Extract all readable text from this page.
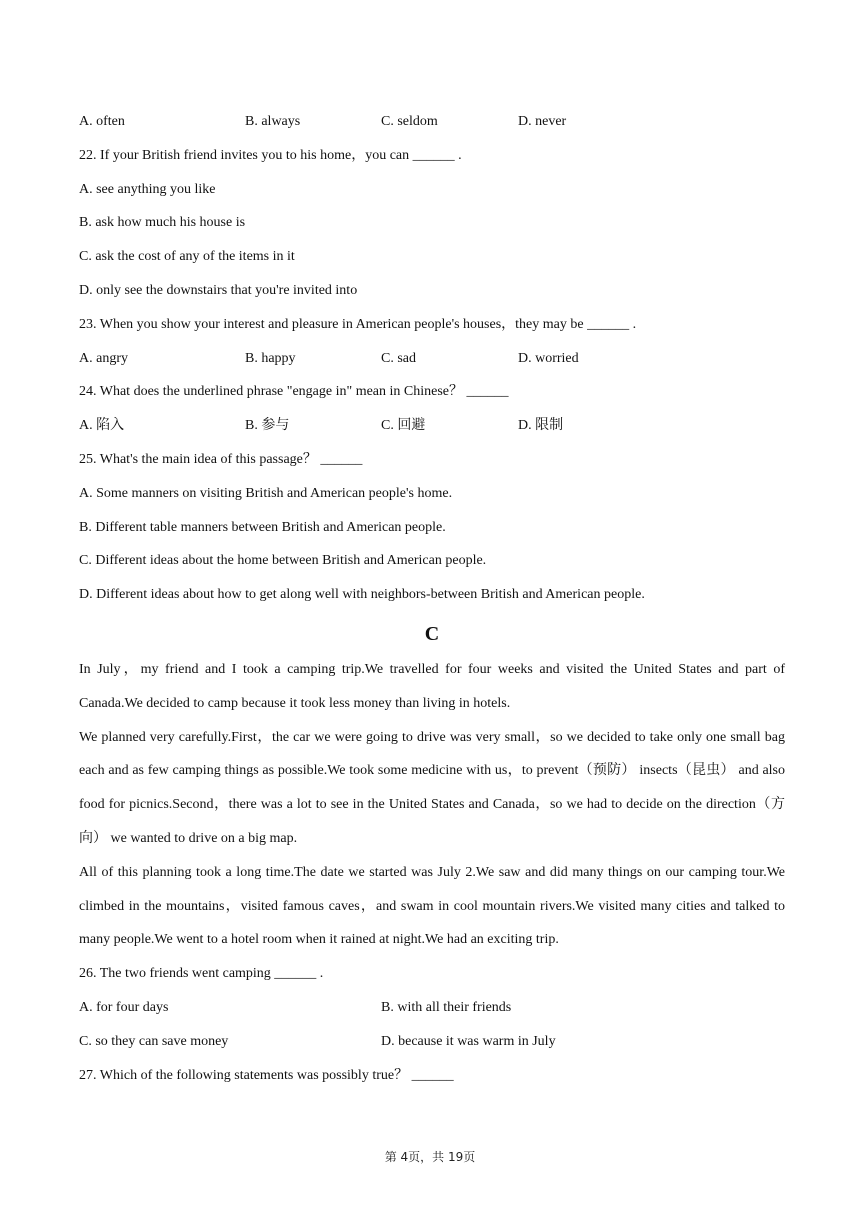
A. often	B. always	C. seldom	D. never
22. If your British friend invites you to his home，you can ______ .
A. see anything you like
B. ask how much his house is
C. ask the cost of any of the items in it
D. only see the downstairs that you're invited into
23. When you show your interest and pleasure in American people's houses，they may be ______ .
A. angry	B. happy	C. sad	D. worried
24. What does the underlined phrase "engage in" mean in Chinese？ ______
A. 陷入	B. 参与	C. 回避	D. 限制
25. What's the main idea of this passage？ ______
A. Some manners on visiting British and American people's home.
B. Different table manners between British and American people.
C. Different ideas about the home between British and American people.
D. Different ideas about how to get along well with neighbors-between British and American people.
C

In July，my friend and I took a camping trip.We travelled for four weeks and visited the United States and part of Canada.We decided to camp because it took less money than living in hotels.

We planned very carefully.First，the car we were going to drive was very small，so we decided to take only one small bag each and as few camping things as possible.We took some medicine with us，to prevent（预防） insects（昆虫） and also food for picnics.Second，there was a lot to see in the United States and Canada，so we had to decide on the direction（方向） we wanted to drive on a big map.

All of this planning took a long time.The date we started was July 2.We saw and did many things on our camping tour.We climbed in the mountains，visited famous caves，and swam in cool mountain rivers.We visited many cities and talked to many people.We went to a hotel room when it rained at night.We had an exciting trip.

26. The two friends went camping ______ .
A. for four days	B. with all their friends
C. so they can save money	D. because it was warm in July
27. Which of the following statements was possibly true？ ______
第 4页，共 19页
